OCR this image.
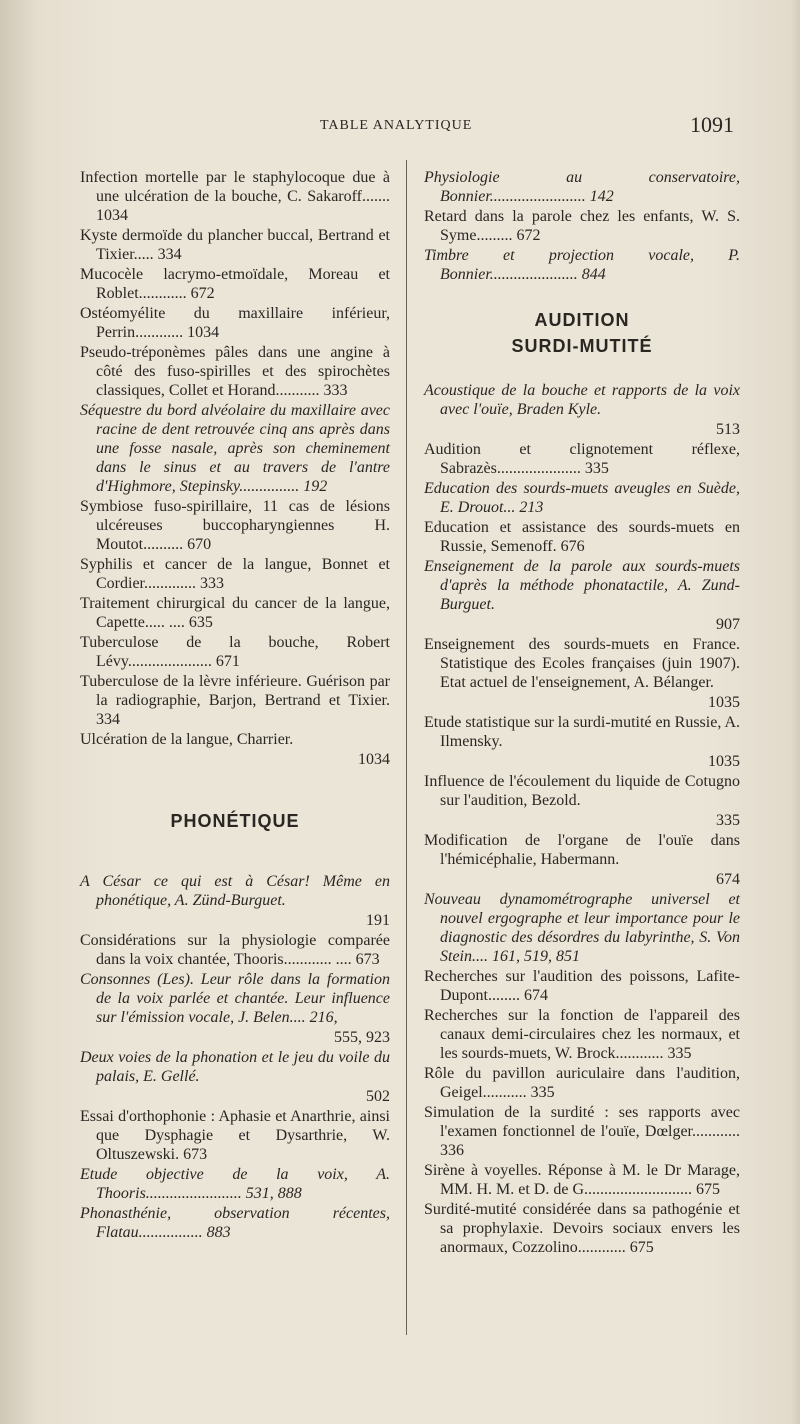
TABLE ANALYTIQUE	1091
Infection mortelle par le staphylocoque due à une ulcération de la bouche, C. Sakaroff....... 1034
Kyste dermoïde du plancher buccal, Bertrand et Tixier..... 334
Mucocèle lacrymo-etmoïdale, Moreau et Roblet............ 672
Ostéomyélite du maxillaire inférieur, Perrin............ 1034
Pseudo-tréponèmes pâles dans une angine à côté des fuso-spirilles et des spirochètes classiques, Collet et Horand........... 333
Séquestre du bord alvéolaire du maxillaire avec racine de dent retrouvée cinq ans après dans une fosse nasale, après son cheminement dans le sinus et au travers de l'antre d'Highmore, Stepinsky............... 192
Symbiose fuso-spirillaire, 11 cas de lésions ulcéreuses buccopharyngiennes H. Moutot.......... 670
Syphilis et cancer de la langue, Bonnet et Cordier............. 333
Traitement chirurgical du cancer de la langue, Capette..... .... 635
Tuberculose de la bouche, Robert Lévy..................... 671
Tuberculose de la lèvre inférieure. Guérison par la radiographie, Barjon, Bertrand et Tixier. 334
Ulcération de la langue, Charrier.
1034
PHONÉTIQUE
A César ce qui est à César! Même en phonétique, A. Zünd-Burguet.
191
Considérations sur la physiologie comparée dans la voix chantée, Thooris............ .... 673
Consonnes (Les). Leur rôle dans la formation de la voix parlée et chantée. Leur influence sur l'émission vocale, J. Belen.... 216,
555, 923
Deux voies de la phonation et le jeu du voile du palais, E. Gellé.
502
Essai d'orthophonie : Aphasie et Anarthrie, ainsi que Dysphagie et Dysarthrie, W. Oltuszewski. 673
Etude objective de la voix, A. Thooris........................ 531, 888
Phonasthénie, observation récentes, Flatau................ 883
Physiologie au conservatoire, Bonnier........................ 142
Retard dans la parole chez les enfants, W. S. Syme......... 672
Timbre et projection vocale, P. Bonnier...................... 844
AUDITION
SURDI-MUTITÉ
Acoustique de la bouche et rapports de la voix avec l'ouïe, Braden Kyle.
513
Audition et clignotement réflexe, Sabrazès..................... 335
Education des sourds-muets aveugles en Suède, E. Drouot... 213
Education et assistance des sourds-muets en Russie, Semenoff. 676
Enseignement de la parole aux sourds-muets d'après la méthode phonatactile, A. Zund-Burguet.
907
Enseignement des sourds-muets en France. Statistique des Ecoles françaises (juin 1907). Etat actuel de l'enseignement, A. Bélanger.
1035
Etude statistique sur la surdi-mutité en Russie, A. Ilmensky.
1035
Influence de l'écoulement du liquide de Cotugno sur l'audition, Bezold.
335
Modification de l'organe de l'ouïe dans l'hémicéphalie, Habermann.
674
Nouveau dynamométrographe universel et nouvel ergographe et leur importance pour le diagnostic des désordres du labyrinthe, S. Von Stein.... 161, 519, 851
Recherches sur l'audition des poissons, Lafite-Dupont........ 674
Recherches sur la fonction de l'appareil des canaux demi-circulaires chez les normaux, et les sourds-muets, W. Brock............ 335
Rôle du pavillon auriculaire dans l'audition, Geigel........... 335
Simulation de la surdité : ses rapports avec l'examen fonctionnel de l'ouïe, Dœlger............ 336
Sirène à voyelles. Réponse à M. le Dr Marage, MM. H. M. et D. de G........................... 675
Surdité-mutité considérée dans sa pathogénie et sa prophylaxie. Devoirs sociaux envers les anormaux, Cozzolino............ 675
